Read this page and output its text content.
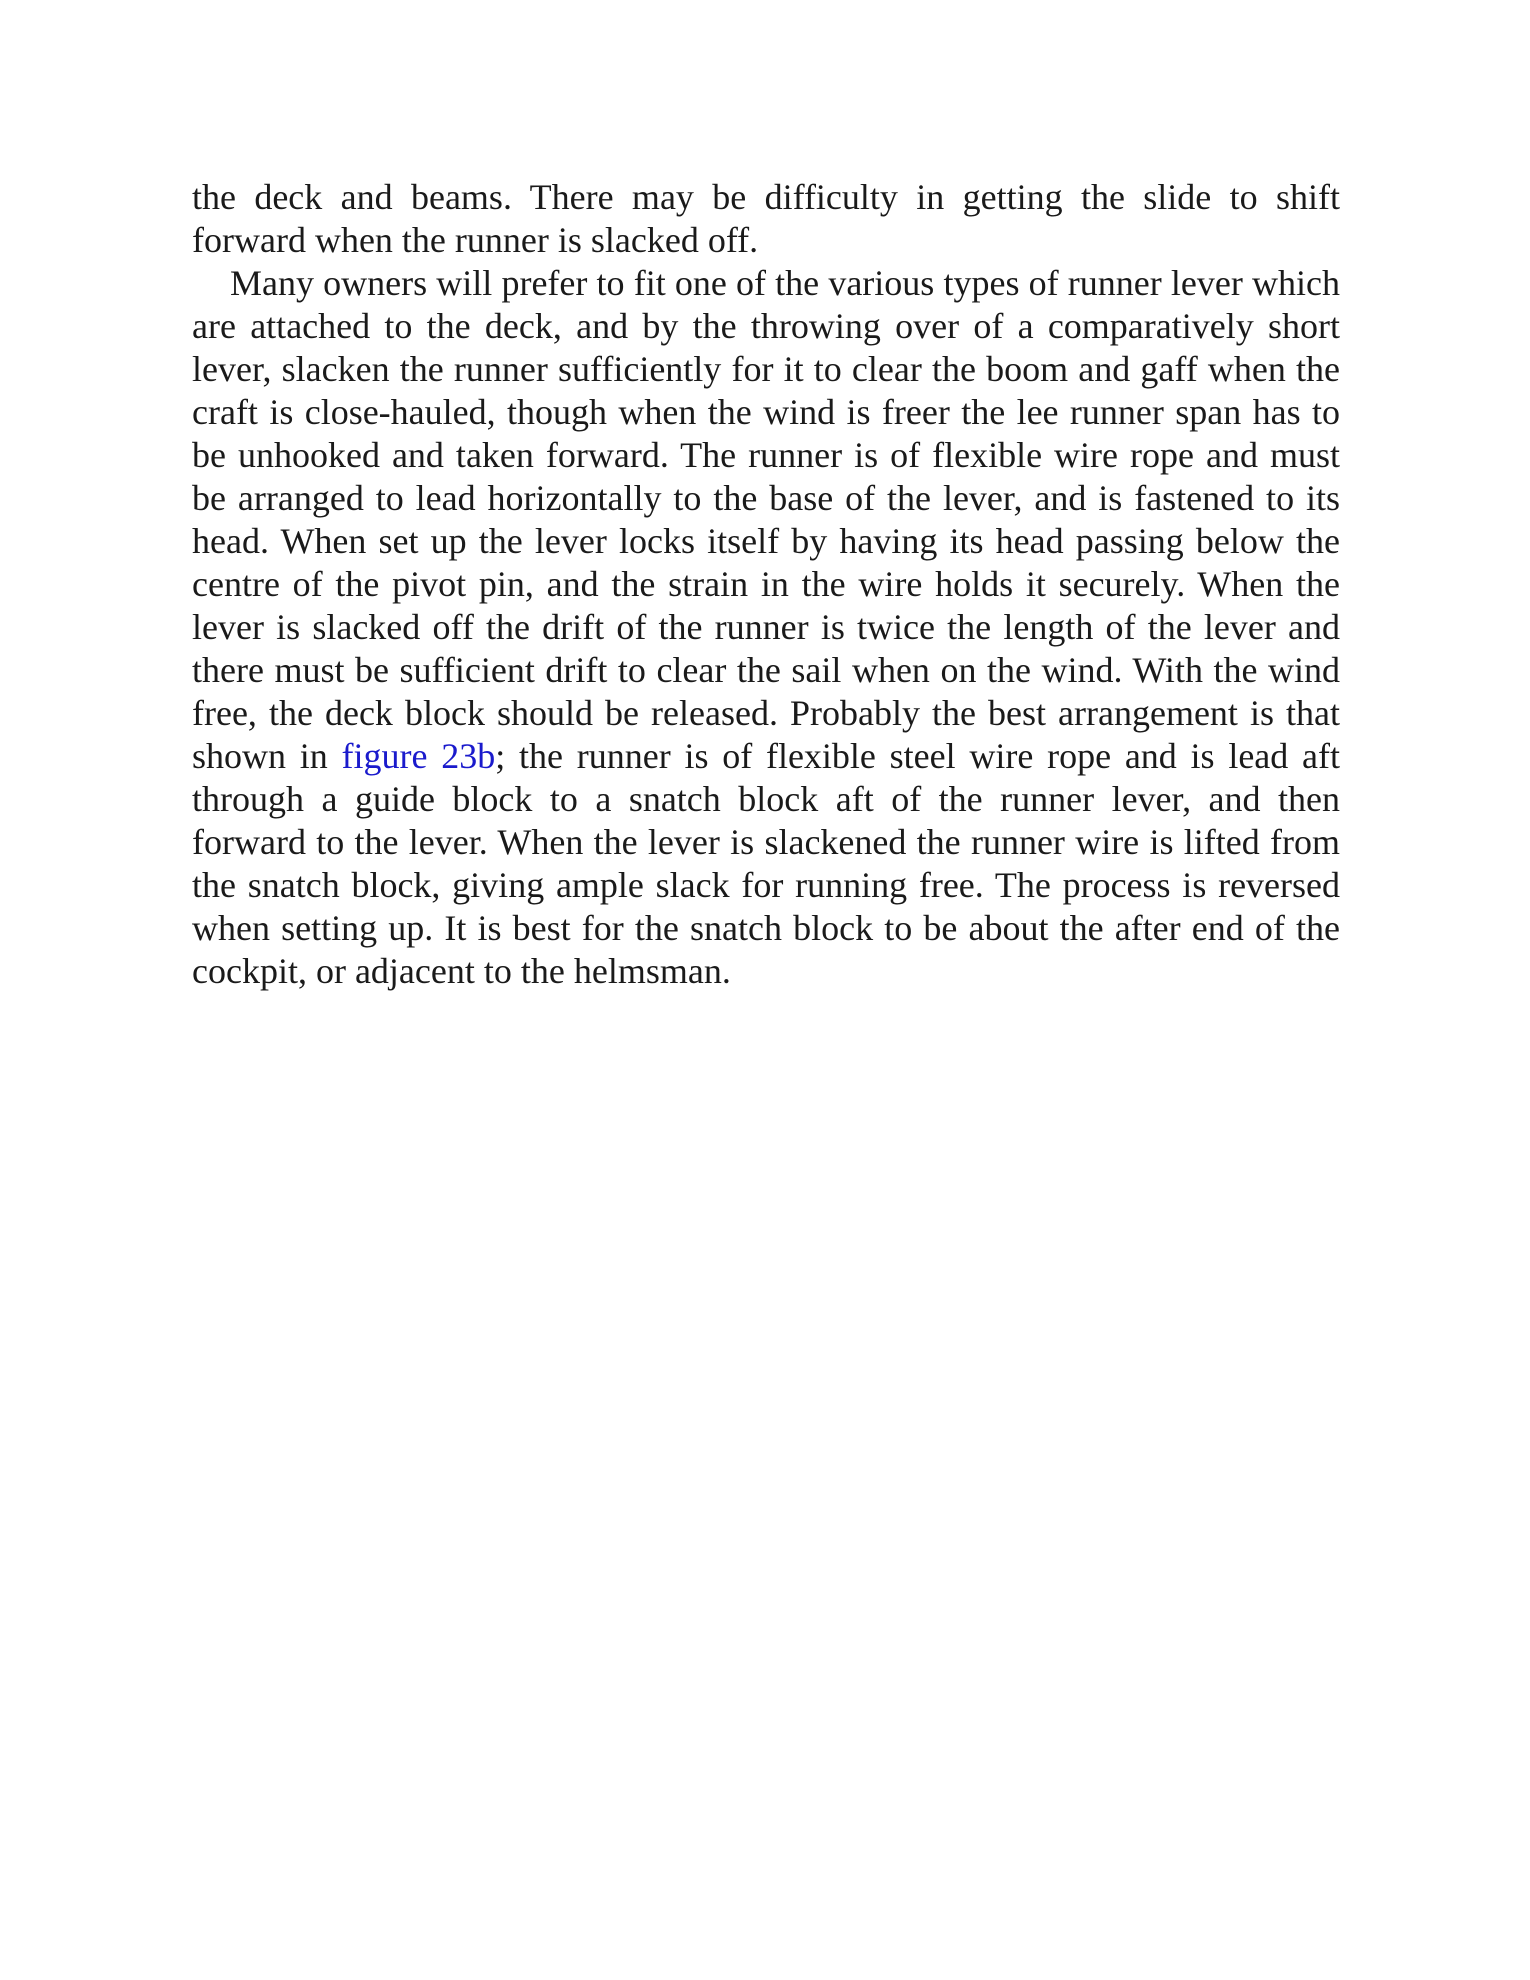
the deck and beams. There may be difficulty in getting the slide to shift forward when the runner is slacked off.

Many owners will prefer to fit one of the various types of runner lever which are attached to the deck, and by the throwing over of a comparatively short lever, slacken the runner sufficiently for it to clear the boom and gaff when the craft is close-hauled, though when the wind is freer the lee runner span has to be unhooked and taken forward. The runner is of flexible wire rope and must be arranged to lead horizontally to the base of the lever, and is fastened to its head. When set up the lever locks itself by having its head passing below the centre of the pivot pin, and the strain in the wire holds it securely. When the lever is slacked off the drift of the runner is twice the length of the lever and there must be sufficient drift to clear the sail when on the wind. With the wind free, the deck block should be released. Probably the best arrangement is that shown in figure 23b; the runner is of flexible steel wire rope and is lead aft through a guide block to a snatch block aft of the runner lever, and then forward to the lever. When the lever is slackened the runner wire is lifted from the snatch block, giving ample slack for running free. The process is reversed when setting up. It is best for the snatch block to be about the after end of the cockpit, or adjacent to the helmsman.
